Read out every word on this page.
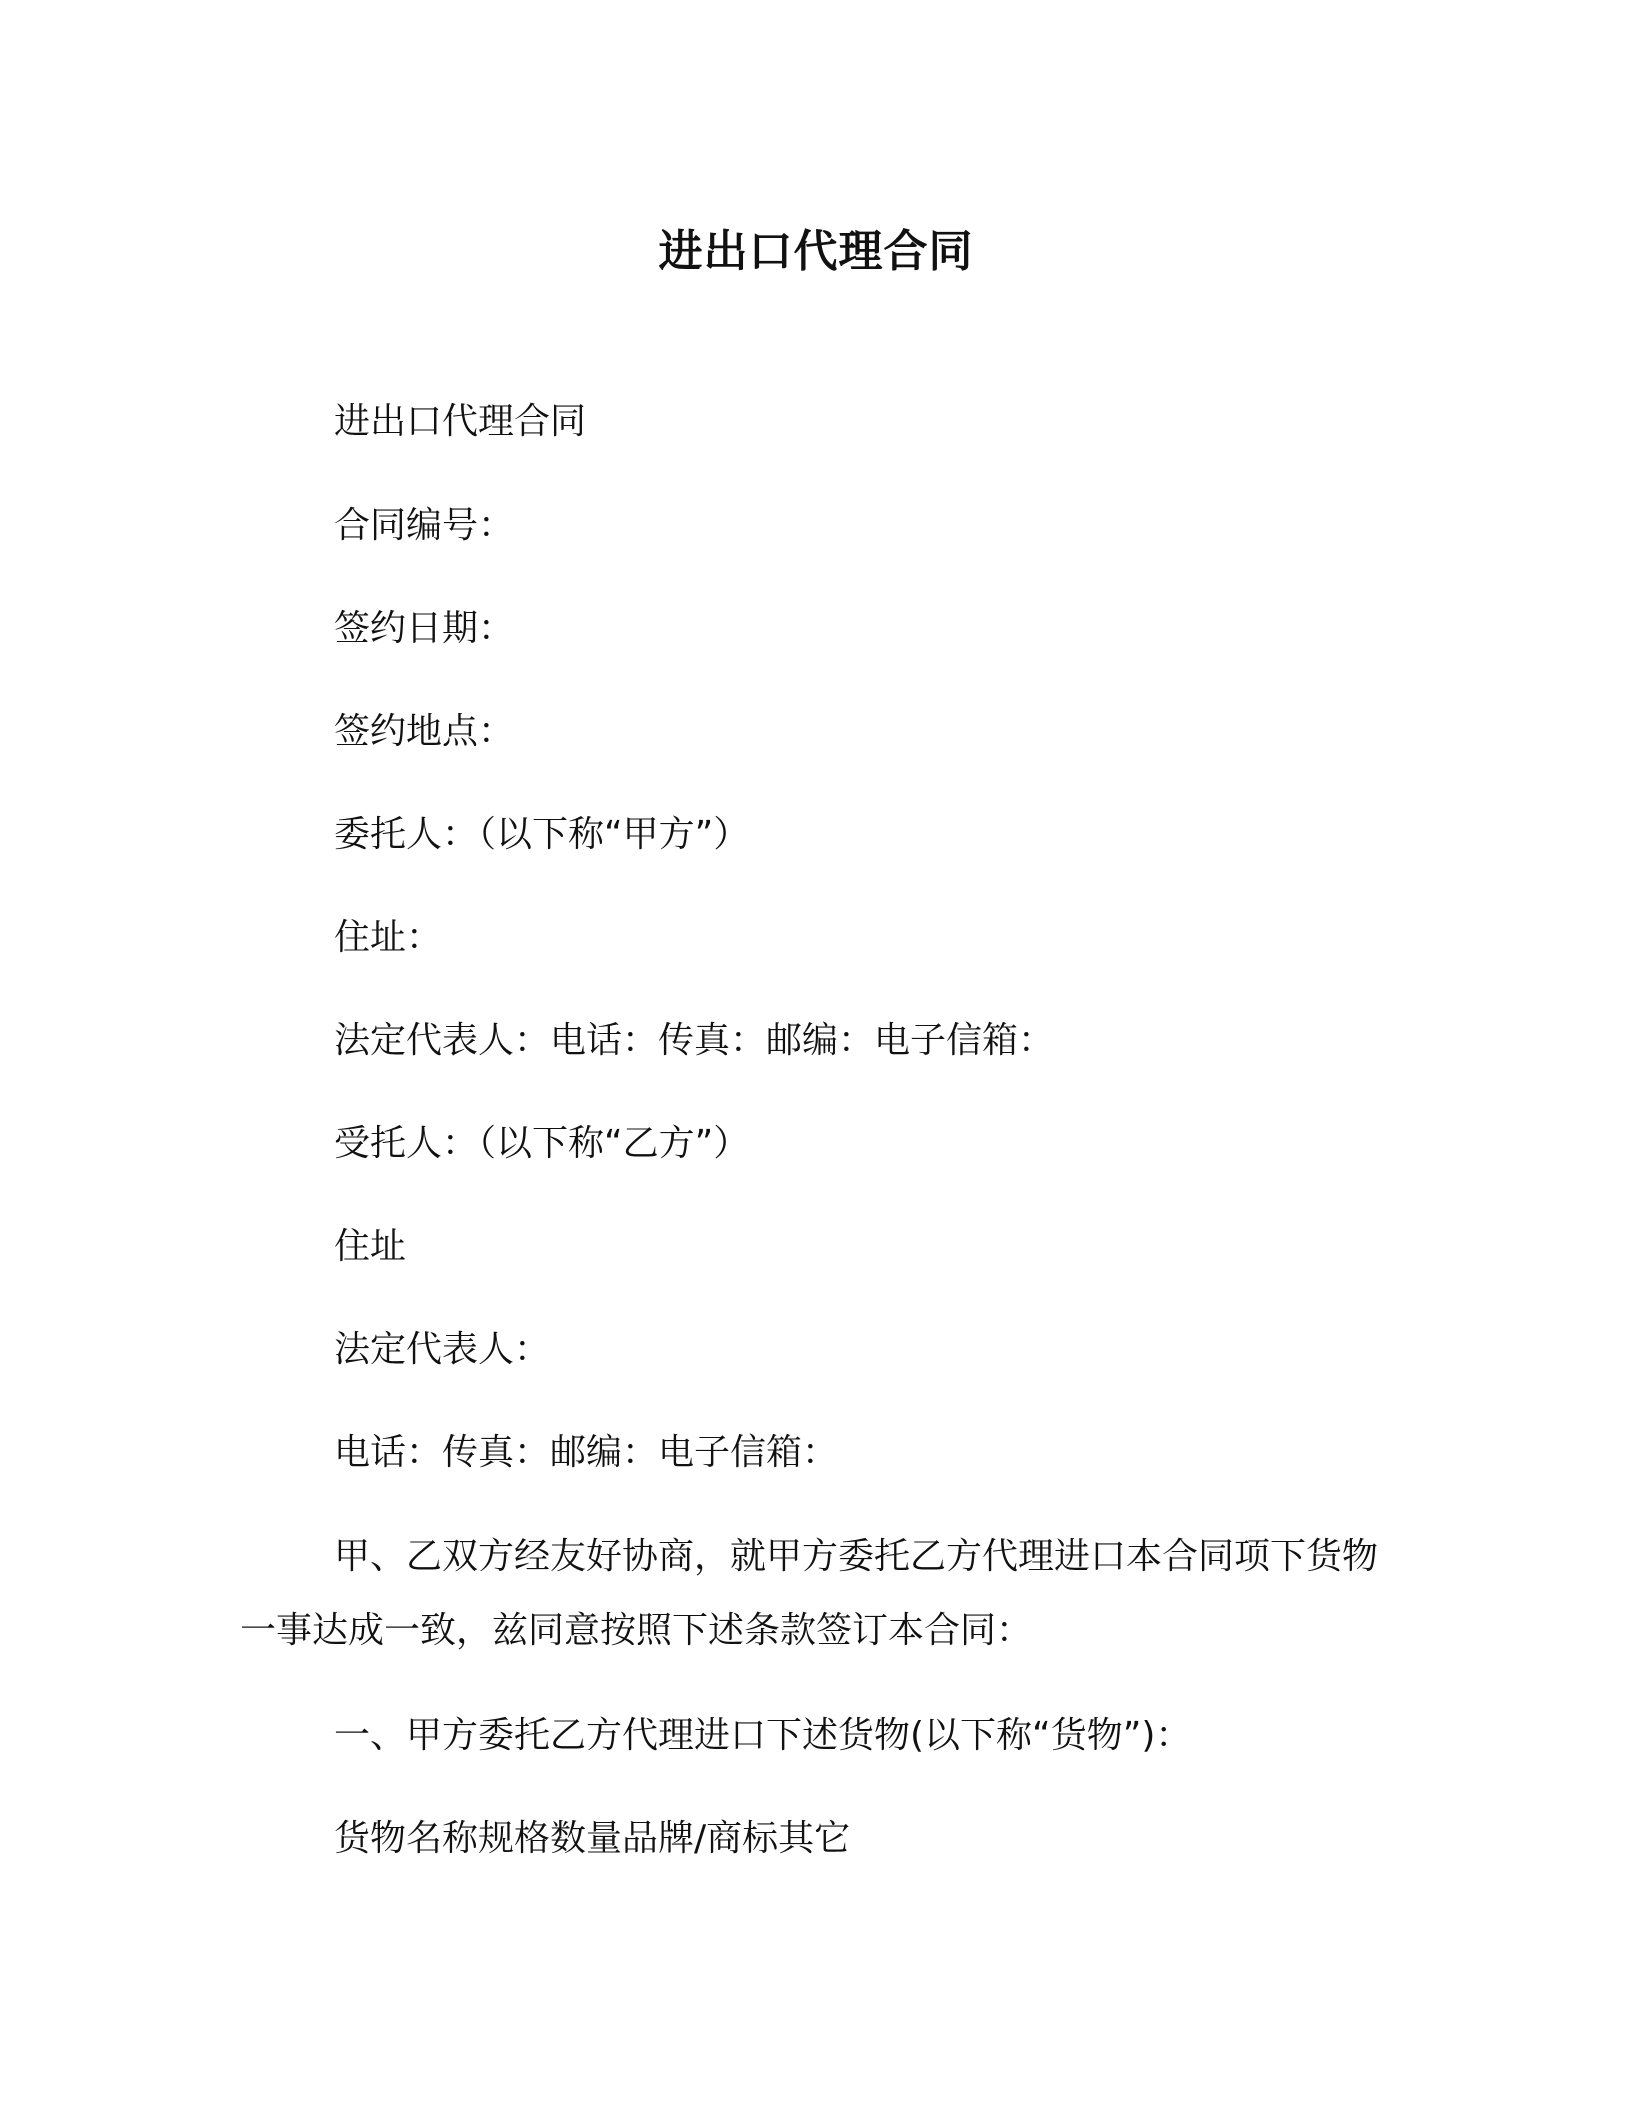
进出口代理合同
进出口代理合同
合同编号：
签约日期：
签约地点：
委托人：（以下称“甲方”）
住址：
法定代表人：电话：传真：邮编：电子信箱：
受托人：（以下称“乙方”）
住址
法定代表人：
电话：传真：邮编：电子信箱：
甲、乙双方经友好协商，就甲方委托乙方代理进口本合同项下货物一事达成一致，兹同意按照下述条款签订本合同：
一、甲方委托乙方代理进口下述货物(以下称“货物”)：
货物名称规格数量品牌/商标其它
